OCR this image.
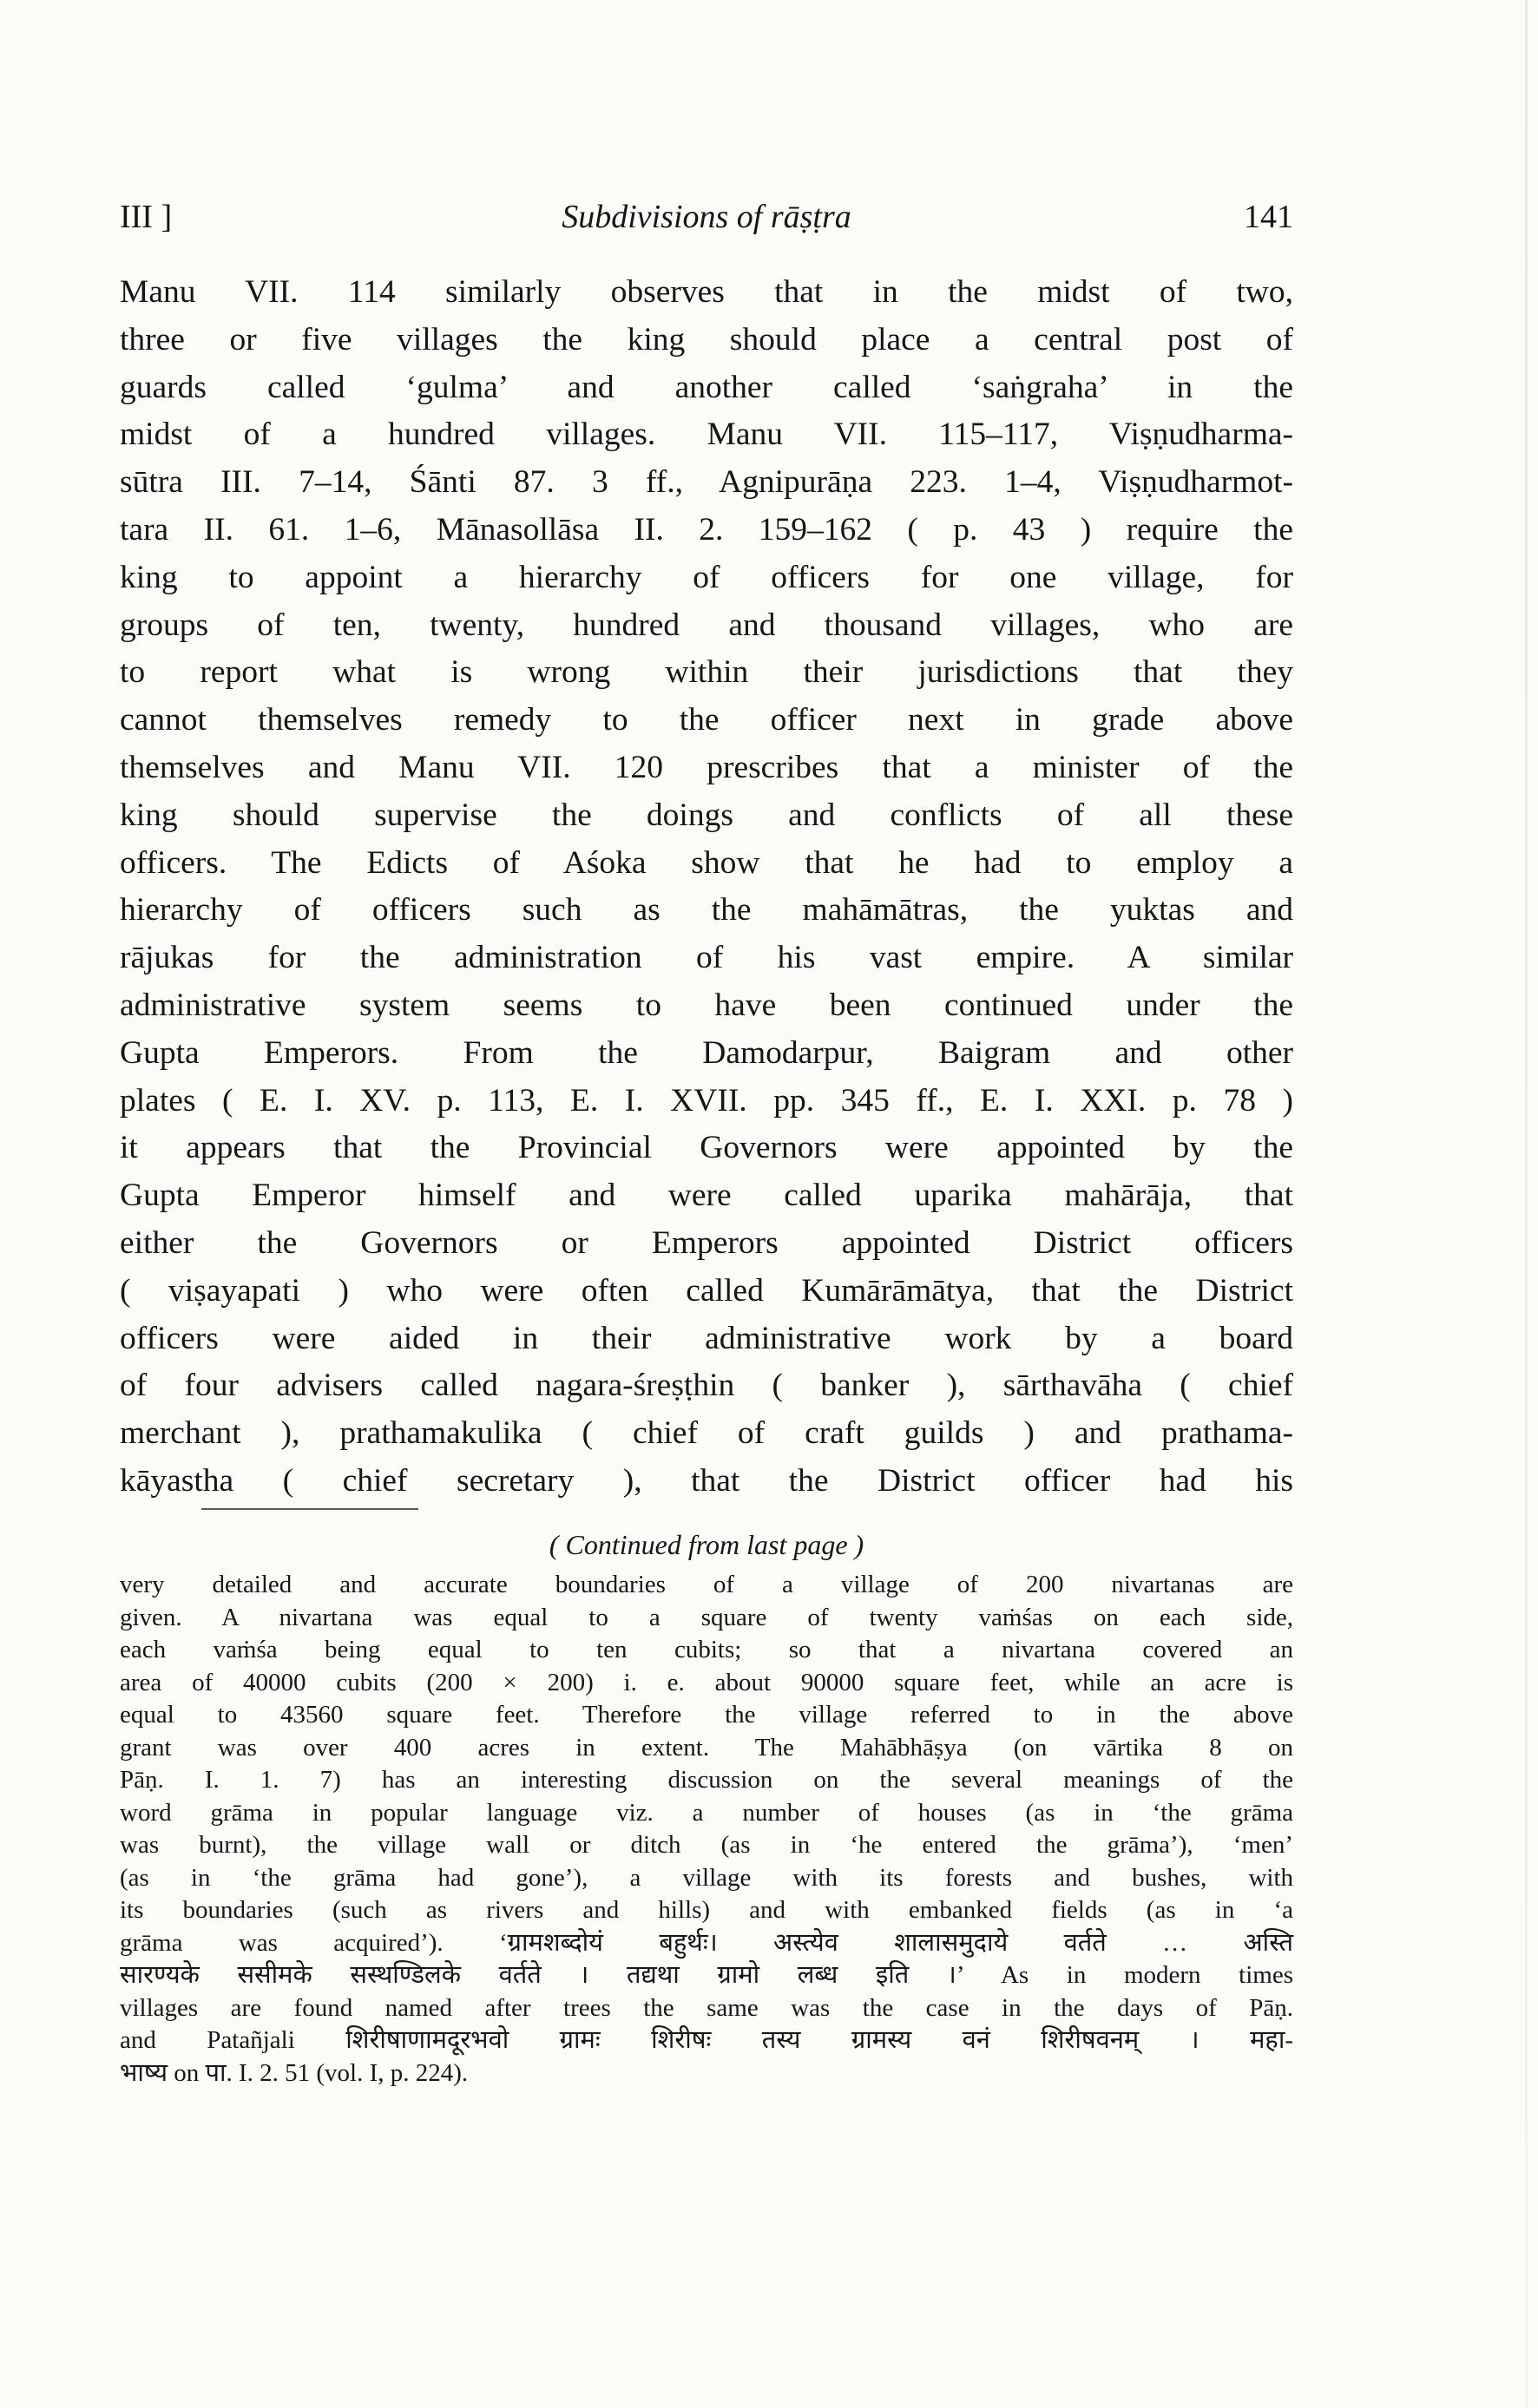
III ]	Subdivisions of rāṣṭra	141
Manu VII. 114 similarly observes that in the midst of two,
three or five villages the king should place a central post of
guards called ‘gulma’ and another called ‘saṅgraha’ in the
midst of a hundred villages. Manu VII. 115–117, Viṣṇudharma-
sūtra III. 7–14, Śānti 87. 3 ff., Agnipurāṇa 223. 1–4, Viṣṇudharmot-
tara II. 61. 1–6, Mānasollāsa II. 2. 159–162 ( p. 43 ) require the
king to appoint a hierarchy of officers for one village, for
groups of ten, twenty, hundred and thousand villages, who are
to report what is wrong within their jurisdictions that they
cannot themselves remedy to the officer next in grade above
themselves and Manu VII. 120 prescribes that a minister of the
king should supervise the doings and conflicts of all these
officers. The Edicts of Aśoka show that he had to employ a
hierarchy of officers such as the mahāmātras, the yuktas and
rājukas for the administration of his vast empire. A similar
administrative system seems to have been continued under the
Gupta Emperors. From the Damodarpur, Baigram and other
plates ( E. I. XV. p. 113, E. I. XVII. pp. 345 ff., E. I. XXI. p. 78 )
it appears that the Provincial Governors were appointed by the
Gupta Emperor himself and were called uparika mahārāja, that
either the Governors or Emperors appointed District officers
( viṣayapati ) who were often called Kumārāmātya, that the District
officers were aided in their administrative work by a board
of four advisers called nagara-śreṣṭhin ( banker ), sārthavāha ( chief
merchant ), prathamakulika ( chief of craft guilds ) and prathama-
kāyastha ( chief secretary ), that the District officer had his
( Continued from last page )
very detailed and accurate boundaries of a village of 200 nivartanas are
given. A nivartana was equal to a square of twenty vaṁśas on each side,
each vaṁśa being equal to ten cubits; so that a nivartana covered an
area of 40000 cubits (200 × 200) i. e. about 90000 square feet, while an acre is
equal to 43560 square feet. Therefore the village referred to in the above
grant was over 400 acres in extent. The Mahābhāṣya (on vārtika 8 on
Pāṇ. I. 1. 7) has an interesting discussion on the several meanings of the
word grāma in popular language viz. a number of houses (as in ‘the grāma
was burnt), the village wall or ditch (as in ‘he entered the grāma’), ‘men’
(as in ‘the grāma had gone’), a village with its forests and bushes, with
its boundaries (such as rivers and hills) and with embanked fields (as in ‘a
grāma was acquired’). ‘ग्रामशब्दोयं बहुर्थः। अस्त्येव शालासमुदाये वर्तते … अस्ति
सारण्यके ससीमके सस्थण्डिलके वर्तते । तद्यथा ग्रामो लब्ध इति ।’ As in modern times
villages are found named after trees the same was the case in the days of Pāṇ.
and Patañjali शिरीषाणामदूरभवो ग्रामः शिरीषः तस्य ग्रामस्य वनं शिरीषवनम् । महा-
भाष्य on पा. I. 2. 51 (vol. I, p. 224).
